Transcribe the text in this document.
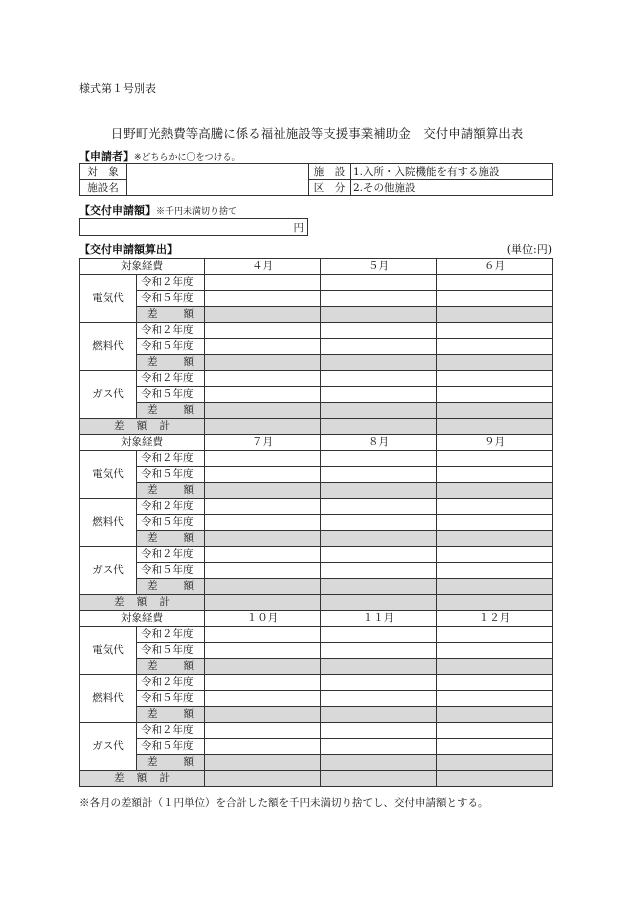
様式第１号別表
日野町光熱費等高騰に係る福祉施設等支援事業補助金　交付申請額算出表
【申請者】※どちらかに〇をつける。
対　象		施　設	1.入所・入院機能を有する施設
施設名		区　分	2.その他施設
【交付申請額】※千円未満切り捨て
円
【交付申請額算出】	(単位:円)
対象経費		４月	５月	６月
電気代	令和２年度			
	令和５年度			
	差　　額			
燃料代	令和２年度			
	令和５年度			
	差　　額			
ガス代	令和２年度			
	令和５年度			
	差　　額			
差　額　計				
対象経費		７月	８月	９月
電気代	令和２年度			
	令和５年度			
	差　　額			
燃料代	令和２年度			
	令和５年度			
	差　　額			
ガス代	令和２年度			
	令和５年度			
	差　　額			
差　額　計				
対象経費		１０月	１１月	１２月
電気代	令和２年度			
	令和５年度			
	差　　額			
燃料代	令和２年度			
	令和５年度			
	差　　額			
ガス代	令和２年度			
	令和５年度			
	差　　額			
差　額　計				
※各月の差額計（１円単位）を合計した額を千円未満切り捨てし、交付申請額とする。
